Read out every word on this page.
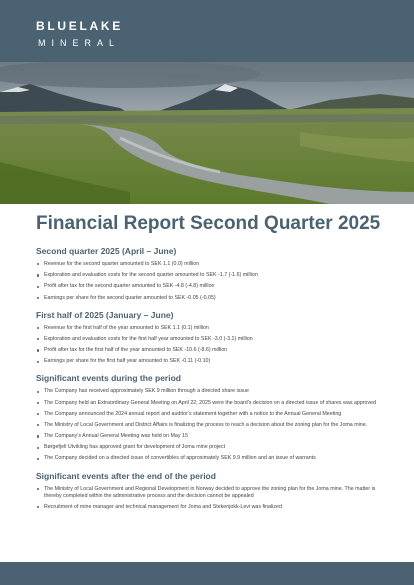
BLUELAKE
MINERAL
Financial Report Second Quarter 2025
Second quarter 2025 (April – June)
Revenue for the second quarter amounted to SEK 1,1 (0.0) million
Exploration and evaluation costs for the second quarter amounted to SEK -1.7 (-1.6) million
Profit after tax for the second quarter amounted to SEK -4.8 (-4.8) million
Earnings per share for the second quarter amounted to SEK -0.05 (-0.05)
First half of 2025 (January – June)
Revenue for the first half of the year amounted to SEK 1.1 (0.1) million
Exploration and evaluation costs for the first half year amounted to SEK -3.0 (-3.1) million
Profit after tax for the first half of the year amounted to SEK -10.6 (-8.6) million
Earnings per share for the first half year amounted to SEK -0.11 (-0.10)
Significant events during the period
The Company has received approximately SEK 9 million through a directed share issue
The Company held an Extraordinary General Meeting on April 22, 2025 were the board’s decision on a directed issue of shares was approved
The Company announced the 2024 annual report and auditor’s statement together with a notice to the Annual General Meeting
The Ministry of Local Government and District Affairs is finalizing the process to reach a decision about the zoning plan for the Joma mine.
The Company’s Annual General Meeting was held on May 15
Børgefjell Utvikling has approved grant for development of Joma mine project
The Company decided on a directed issue of convertibles of approximately SEK 9.9 million and an issue of warrants
Significant events after the end of the period
The Ministry of Local Government and Regional Development in Norway decided to approve the zoning plan for the Joma mine. The matter is thereby completed within the administrative process and the decision cannot be appealed
Recruitment of mine manager and technical management for Joma and Stekenjokk-Levi was finalized
